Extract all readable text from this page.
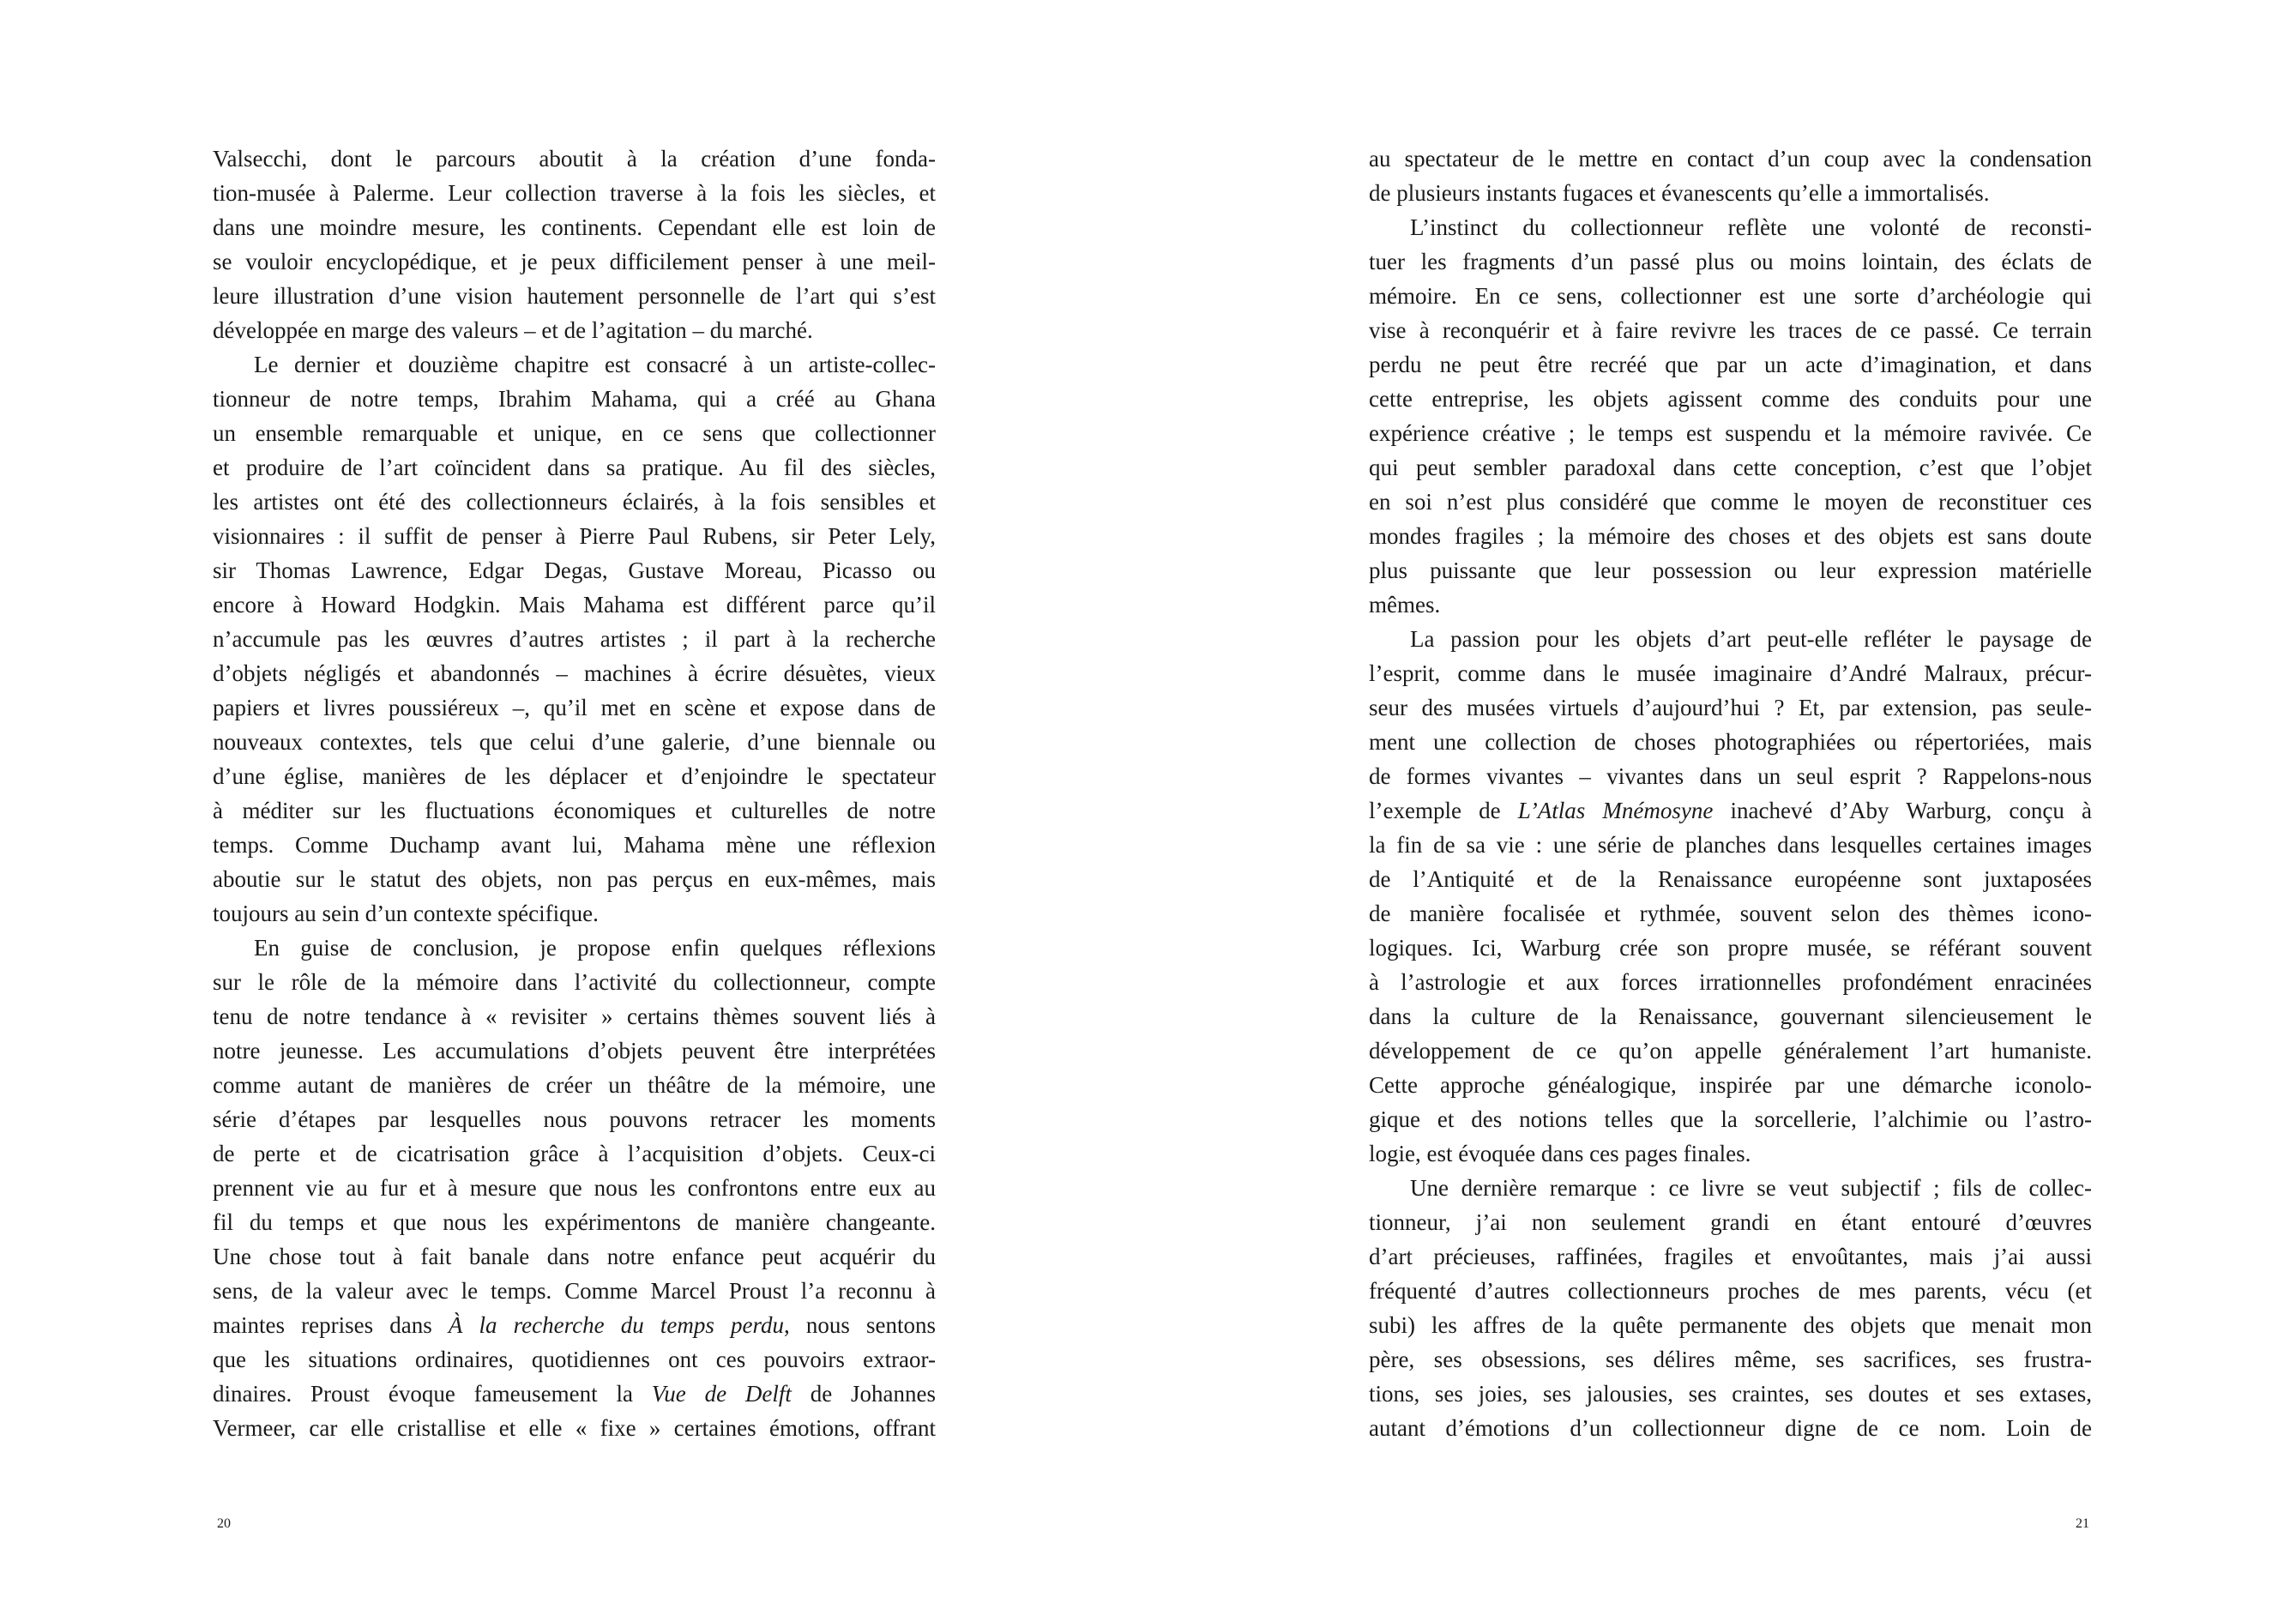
Valsecchi, dont le parcours aboutit à la création d’une fonda-
tion-musée à Palerme. Leur collection traverse à la fois les siècles, et
dans une moindre mesure, les continents. Cependant elle est loin de
se vouloir encyclopédique, et je peux difficilement penser à une meil-
leure illustration d’une vision hautement personnelle de l’art qui s’est
développée en marge des valeurs – et de l’agitation – du marché.
Le dernier et douzième chapitre est consacré à un artiste-collec-
tionneur de notre temps, Ibrahim Mahama, qui a créé au Ghana
un ensemble remarquable et unique, en ce sens que collectionner
et produire de l’art coïncident dans sa pratique. Au fil des siècles,
les artistes ont été des collectionneurs éclairés, à la fois sensibles et
visionnaires : il suffit de penser à Pierre Paul Rubens, sir Peter Lely,
sir Thomas Lawrence, Edgar Degas, Gustave Moreau, Picasso ou
encore à Howard Hodgkin. Mais Mahama est différent parce qu’il
n’accumule pas les œuvres d’autres artistes ; il part à la recherche
d’objets négligés et abandonnés – machines à écrire désuètes, vieux
papiers et livres poussiéreux –, qu’il met en scène et expose dans de
nouveaux contextes, tels que celui d’une galerie, d’une biennale ou
d’une église, manières de les déplacer et d’enjoindre le spectateur
à méditer sur les fluctuations économiques et culturelles de notre
temps. Comme Duchamp avant lui, Mahama mène une réflexion
aboutie sur le statut des objets, non pas perçus en eux-mêmes, mais
toujours au sein d’un contexte spécifique.
En guise de conclusion, je propose enfin quelques réflexions
sur le rôle de la mémoire dans l’activité du collectionneur, compte
tenu de notre tendance à « revisiter » certains thèmes souvent liés à
notre jeunesse. Les accumulations d’objets peuvent être interprétées
comme autant de manières de créer un théâtre de la mémoire, une
série d’étapes par lesquelles nous pouvons retracer les moments
de perte et de cicatrisation grâce à l’acquisition d’objets. Ceux-ci
prennent vie au fur et à mesure que nous les confrontons entre eux au
fil du temps et que nous les expérimentons de manière changeante.
Une chose tout à fait banale dans notre enfance peut acquérir du
sens, de la valeur avec le temps. Comme Marcel Proust l’a reconnu à
maintes reprises dans À la recherche du temps perdu, nous sentons
que les situations ordinaires, quotidiennes ont ces pouvoirs extraor-
dinaires. Proust évoque fameusement la Vue de Delft de Johannes
Vermeer, car elle cristallise et elle « fixe » certaines émotions, offrant
au spectateur de le mettre en contact d’un coup avec la condensation
de plusieurs instants fugaces et évanescents qu’elle a immortalisés.
L’instinct du collectionneur reflète une volonté de reconsti-
tuer les fragments d’un passé plus ou moins lointain, des éclats de
mémoire. En ce sens, collectionner est une sorte d’archéologie qui
vise à reconquérir et à faire revivre les traces de ce passé. Ce terrain
perdu ne peut être recréé que par un acte d’imagination, et dans
cette entreprise, les objets agissent comme des conduits pour une
expérience créative ; le temps est suspendu et la mémoire ravivée. Ce
qui peut sembler paradoxal dans cette conception, c’est que l’objet
en soi n’est plus considéré que comme le moyen de reconstituer ces
mondes fragiles ; la mémoire des choses et des objets est sans doute
plus puissante que leur possession ou leur expression matérielle
mêmes.
La passion pour les objets d’art peut-elle refléter le paysage de
l’esprit, comme dans le musée imaginaire d’André Malraux, précur-
seur des musées virtuels d’aujourd’hui ? Et, par extension, pas seule-
ment une collection de choses photographiées ou répertoriées, mais
de formes vivantes – vivantes dans un seul esprit ? Rappelons-nous
l’exemple de L’Atlas Mnémosyne inachevé d’Aby Warburg, conçu à
la fin de sa vie : une série de planches dans lesquelles certaines images
de l’Antiquité et de la Renaissance européenne sont juxtaposées
de manière focalisée et rythmée, souvent selon des thèmes icono-
logiques. Ici, Warburg crée son propre musée, se référant souvent
à l’astrologie et aux forces irrationnelles profondément enracinées
dans la culture de la Renaissance, gouvernant silencieusement le
développement de ce qu’on appelle généralement l’art humaniste.
Cette approche généalogique, inspirée par une démarche iconolo-
gique et des notions telles que la sorcellerie, l’alchimie ou l’astro-
logie, est évoquée dans ces pages finales.
Une dernière remarque : ce livre se veut subjectif ; fils de collec-
tionneur, j’ai non seulement grandi en étant entouré d’œuvres
d’art précieuses, raffinées, fragiles et envoûtantes, mais j’ai aussi
fréquenté d’autres collectionneurs proches de mes parents, vécu (et
subi) les affres de la quête permanente des objets que menait mon
père, ses obsessions, ses délires même, ses sacrifices, ses frustra-
tions, ses joies, ses jalousies, ses craintes, ses doutes et ses extases,
autant d’émotions d’un collectionneur digne de ce nom. Loin de
20	21
